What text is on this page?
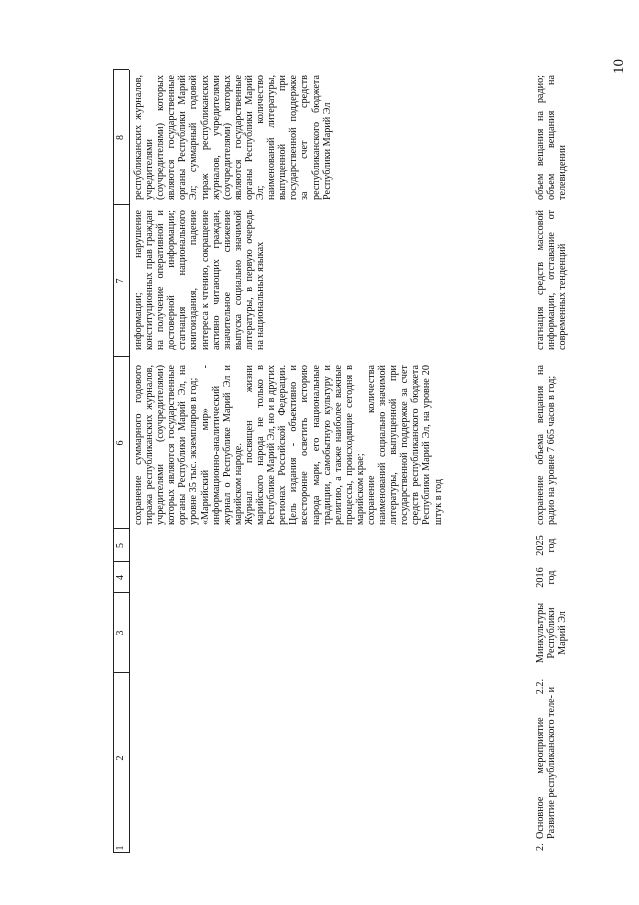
10
1
2
3
4
5
6
7
8

сохранение суммарного годового тиража республиканских журналов, учредителями (соучредителями) которых являются государственные органы Республики Марий Эл, на уровне 35 тыс. экземпляров в год; «Марийский мир» - информационно-аналитический журнал о Республике Марий Эл и марийском народе. Журнал посвящен жизни марийского народа не только в Республике Марий Эл, но и в других регионах Российской Федерации. Цель издания - объективно и всесторонне осветить историю народа мари, его национальные традиции, самобытную культуру и религию, а также наиболее важные процессы, происходящие сегодня в марийском крае; сохранение количества наименований социально значимой литературы, выпущенной при государственной поддержке за счет средств республиканского бюджета Республики Марий Эл, на уровне 20 штук в год

информации; нарушение конституционных прав граждан на получение оперативной и достоверной информации; стагнация национального книгоиздания, падение интереса к чтению, сокращение активно читающих граждан, значительное снижение выпуска социально значимой литературы, в первую очередь на национальных языках
республиканских журналов, учредителями (соучредителями) которых являются государственные органы Республики Марий Эл; суммарный годовой тираж республиканских журналов, учредителями (соучредителями) которых являются государственные органы Республики Марий Эл; количество наименований литературы, выпущенной при государственной поддержке за счет средств республиканского бюджета Республики Марий Эл
2.
Основное мероприятие 2.2. Развитие республиканского теле- и
Минкультуры Республики Марий Эл
2016 год
2025 год
сохранение объема вещания на радио на уровне 7 665 часов в год;
стагнация средств массовой информации, отставание от современных тенденций
объем вещания на радио; объем вещания на телевидении
